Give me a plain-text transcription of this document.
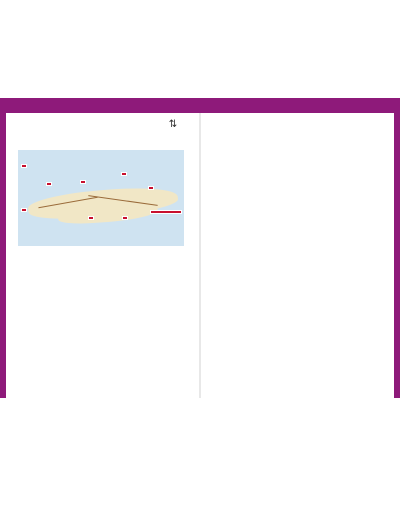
⇅
